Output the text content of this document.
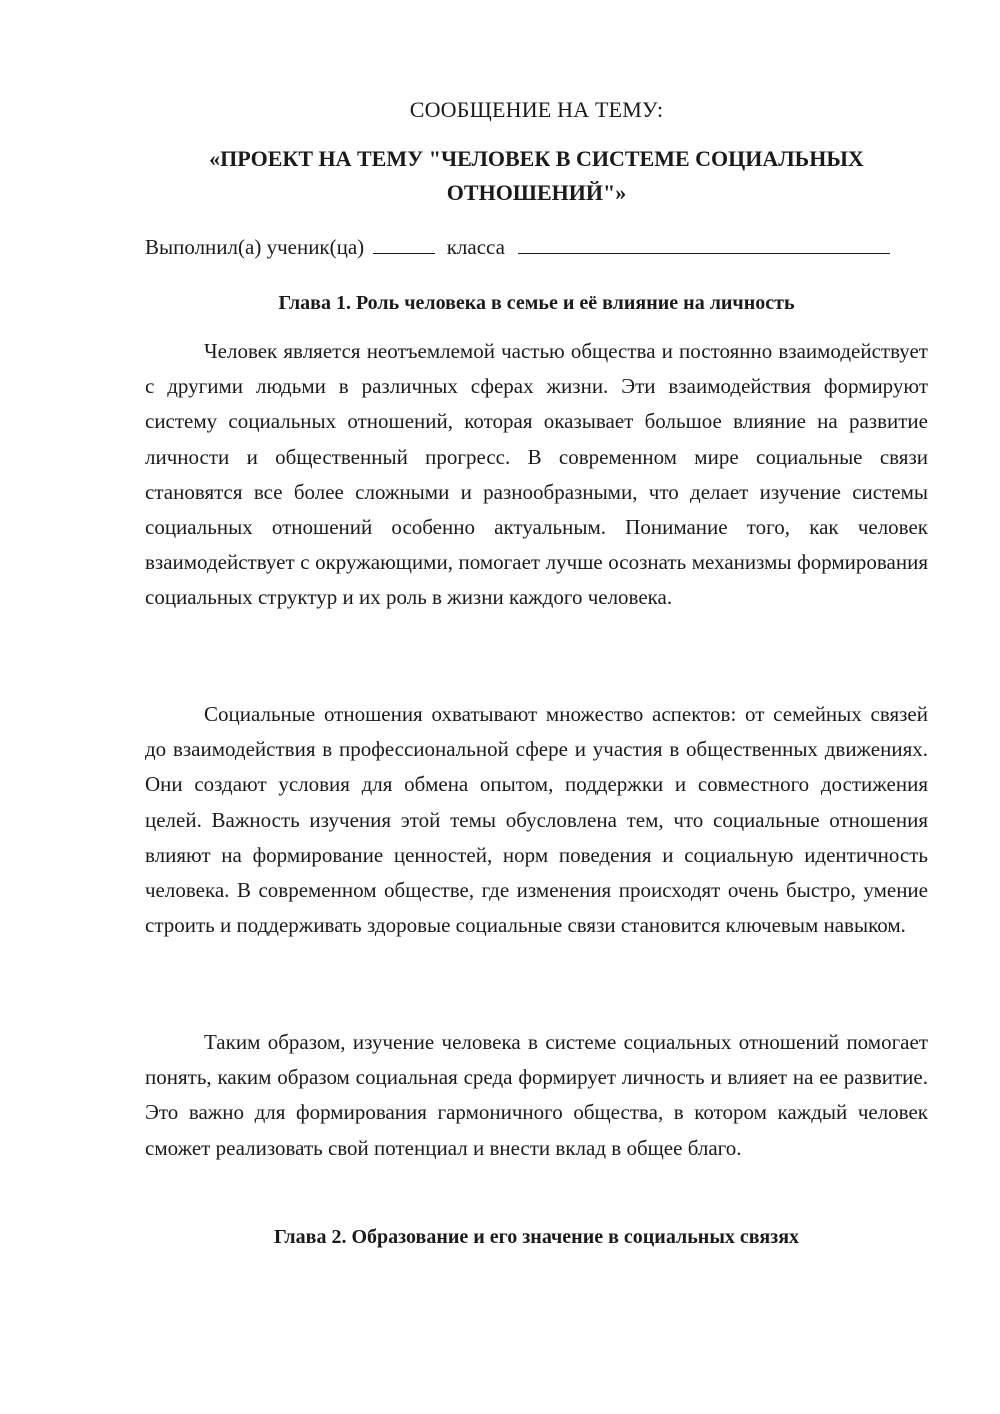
СООБЩЕНИЕ НА ТЕМУ:
«ПРОЕКТ НА ТЕМУ "ЧЕЛОВЕК В СИСТЕМЕ СОЦИАЛЬНЫХ
ОТНОШЕНИЙ"»
Выполнил(а) ученик(ца)	класса
Глава 1. Роль человека в семье и её влияние на личность

Человек является неотъемлемой частью общества и постоянно взаимодействует с другими людьми в различных сферах жизни. Эти взаимодействия формируют систему социальных отношений, которая оказывает большое влияние на развитие личности и общественный прогресс. В современном мире социальные связи становятся все более сложными и разнообразными, что делает изучение системы социальных отношений особенно актуальным. Понимание того, как человек взаимодействует с окружающими, помогает лучше осознать механизмы формирования социальных структур и их роль в жизни каждого человека.

Социальные отношения охватывают множество аспектов: от семейных связей до взаимодействия в профессиональной сфере и участия в общественных движениях. Они создают условия для обмена опытом, поддержки и совместного достижения целей. Важность изучения этой темы обусловлена тем, что социальные отношения влияют на формирование ценностей, норм поведения и социальную идентичность человека. В современном обществе, где изменения происходят очень быстро, умение строить и поддерживать здоровые социальные связи становится ключевым навыком.

Таким образом, изучение человека в системе социальных отношений помогает понять, каким образом социальная среда формирует личность и влияет на ее развитие. Это важно для формирования гармоничного общества, в котором каждый человек сможет реализовать свой потенциал и внести вклад в общее благо.

Глава 2. Образование и его значение в социальных связях
